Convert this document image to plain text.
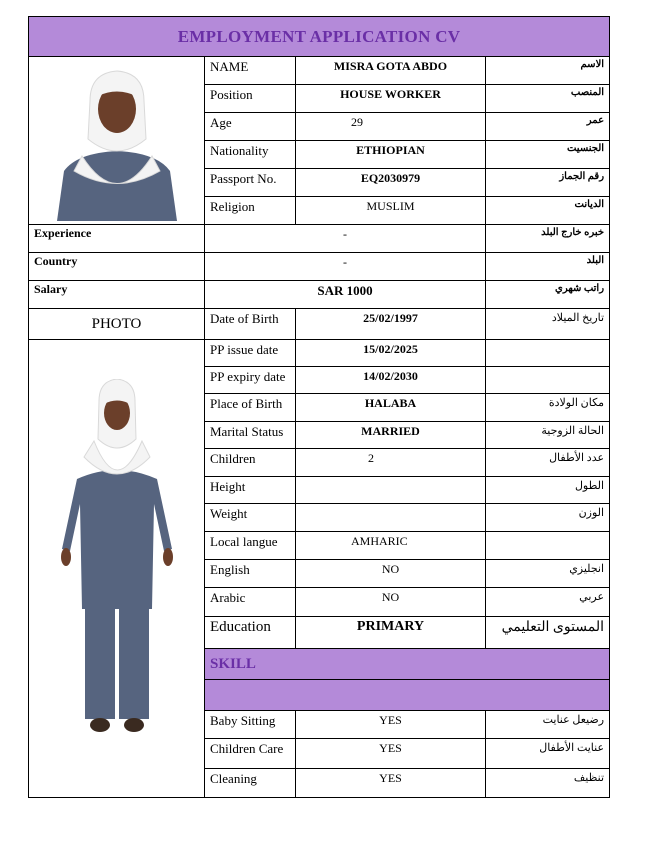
EMPLOYMENT APPLICATION CV			

	NAME	MISRA GOTA ABDO	الاسم
	Position	HOUSE WORKER	المنصب
	Age	29	عمر
	Nationality	ETHIOPIAN	الجنسيت
	Passport No.	EQ2030979	رقم الجماز
	Religion	MUSLIM	الديانت
Experience	-		خبره خارج البلد
Country	-		البلد
Salary	SAR 1000		راتب شهري
PHOTO	Date of Birth	25/02/1997	تاريخ الميلاد

	PP issue date	15/02/2025	
	PP expiry date	14/02/2030	
	Place of Birth	HALABA	مكان الولادة
	Marital Status	MARRIED	الحالة الزوجية
	Children	2	عدد الأطفال
	Height		الطول
	Weight		الوزن
	Local langue	AMHARIC	
	English	NO	انجليزي
	Arabic	NO	عربي
	Education	PRIMARY	المستوى التعليمي
	SKILL		

	Baby Sitting	YES	رضيعل عنايت
	Children Care	YES	عنايت الأطفال
	Cleaning	YES	تنظيف
